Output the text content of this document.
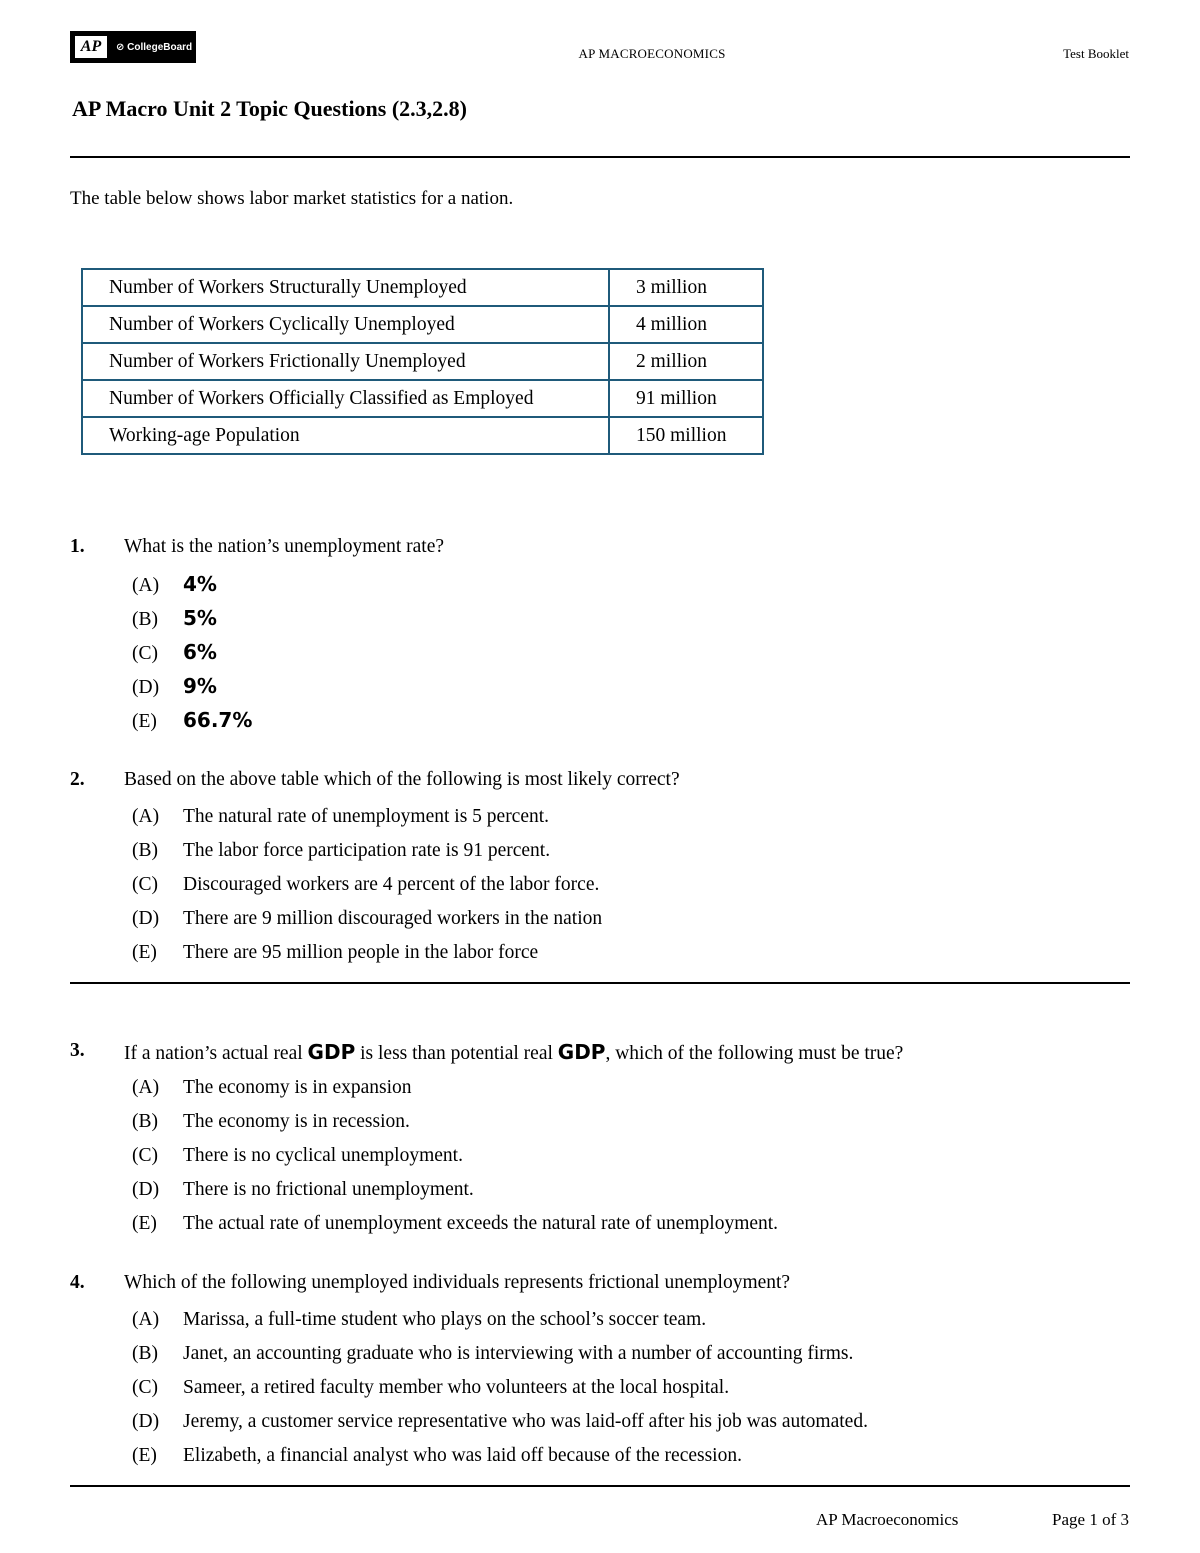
AP	⊘ CollegeBoard	AP MACROECONOMICS	Test Booklet
AP Macro Unit 2 Topic Questions (2.3,2.8)
The table below shows labor market statistics for a nation.
Number of Workers Structurally Unemployed	3 million
Number of Workers Cyclically Unemployed	4 million
Number of Workers Frictionally Unemployed	2 million
Number of Workers Officially Classified as Employed	91 million
Working-age Population	150 million
1. What is the nation’s unemployment rate?
(A) 4%
(B) 5%
(C) 6%
(D) 9%
(E) 66.7%
2. Based on the above table which of the following is most likely correct?
(A) The natural rate of unemployment is 5 percent.
(B) The labor force participation rate is 91 percent.
(C) Discouraged workers are 4 percent of the labor force.
(D) There are 9 million discouraged workers in the nation
(E) There are 95 million people in the labor force
3. If a nation’s actual real GDP is less than potential real GDP, which of the following must be true?
(A) The economy is in expansion
(B) The economy is in recession.
(C) There is no cyclical unemployment.
(D) There is no frictional unemployment.
(E) The actual rate of unemployment exceeds the natural rate of unemployment.
4. Which of the following unemployed individuals represents frictional unemployment?
(A) Marissa, a full-time student who plays on the school’s soccer team.
(B) Janet, an accounting graduate who is interviewing with a number of accounting firms.
(C) Sameer, a retired faculty member who volunteers at the local hospital.
(D) Jeremy, a customer service representative who was laid-off after his job was automated.
(E) Elizabeth, a financial analyst who was laid off because of the recession.
AP Macroeconomics	Page 1 of 3
